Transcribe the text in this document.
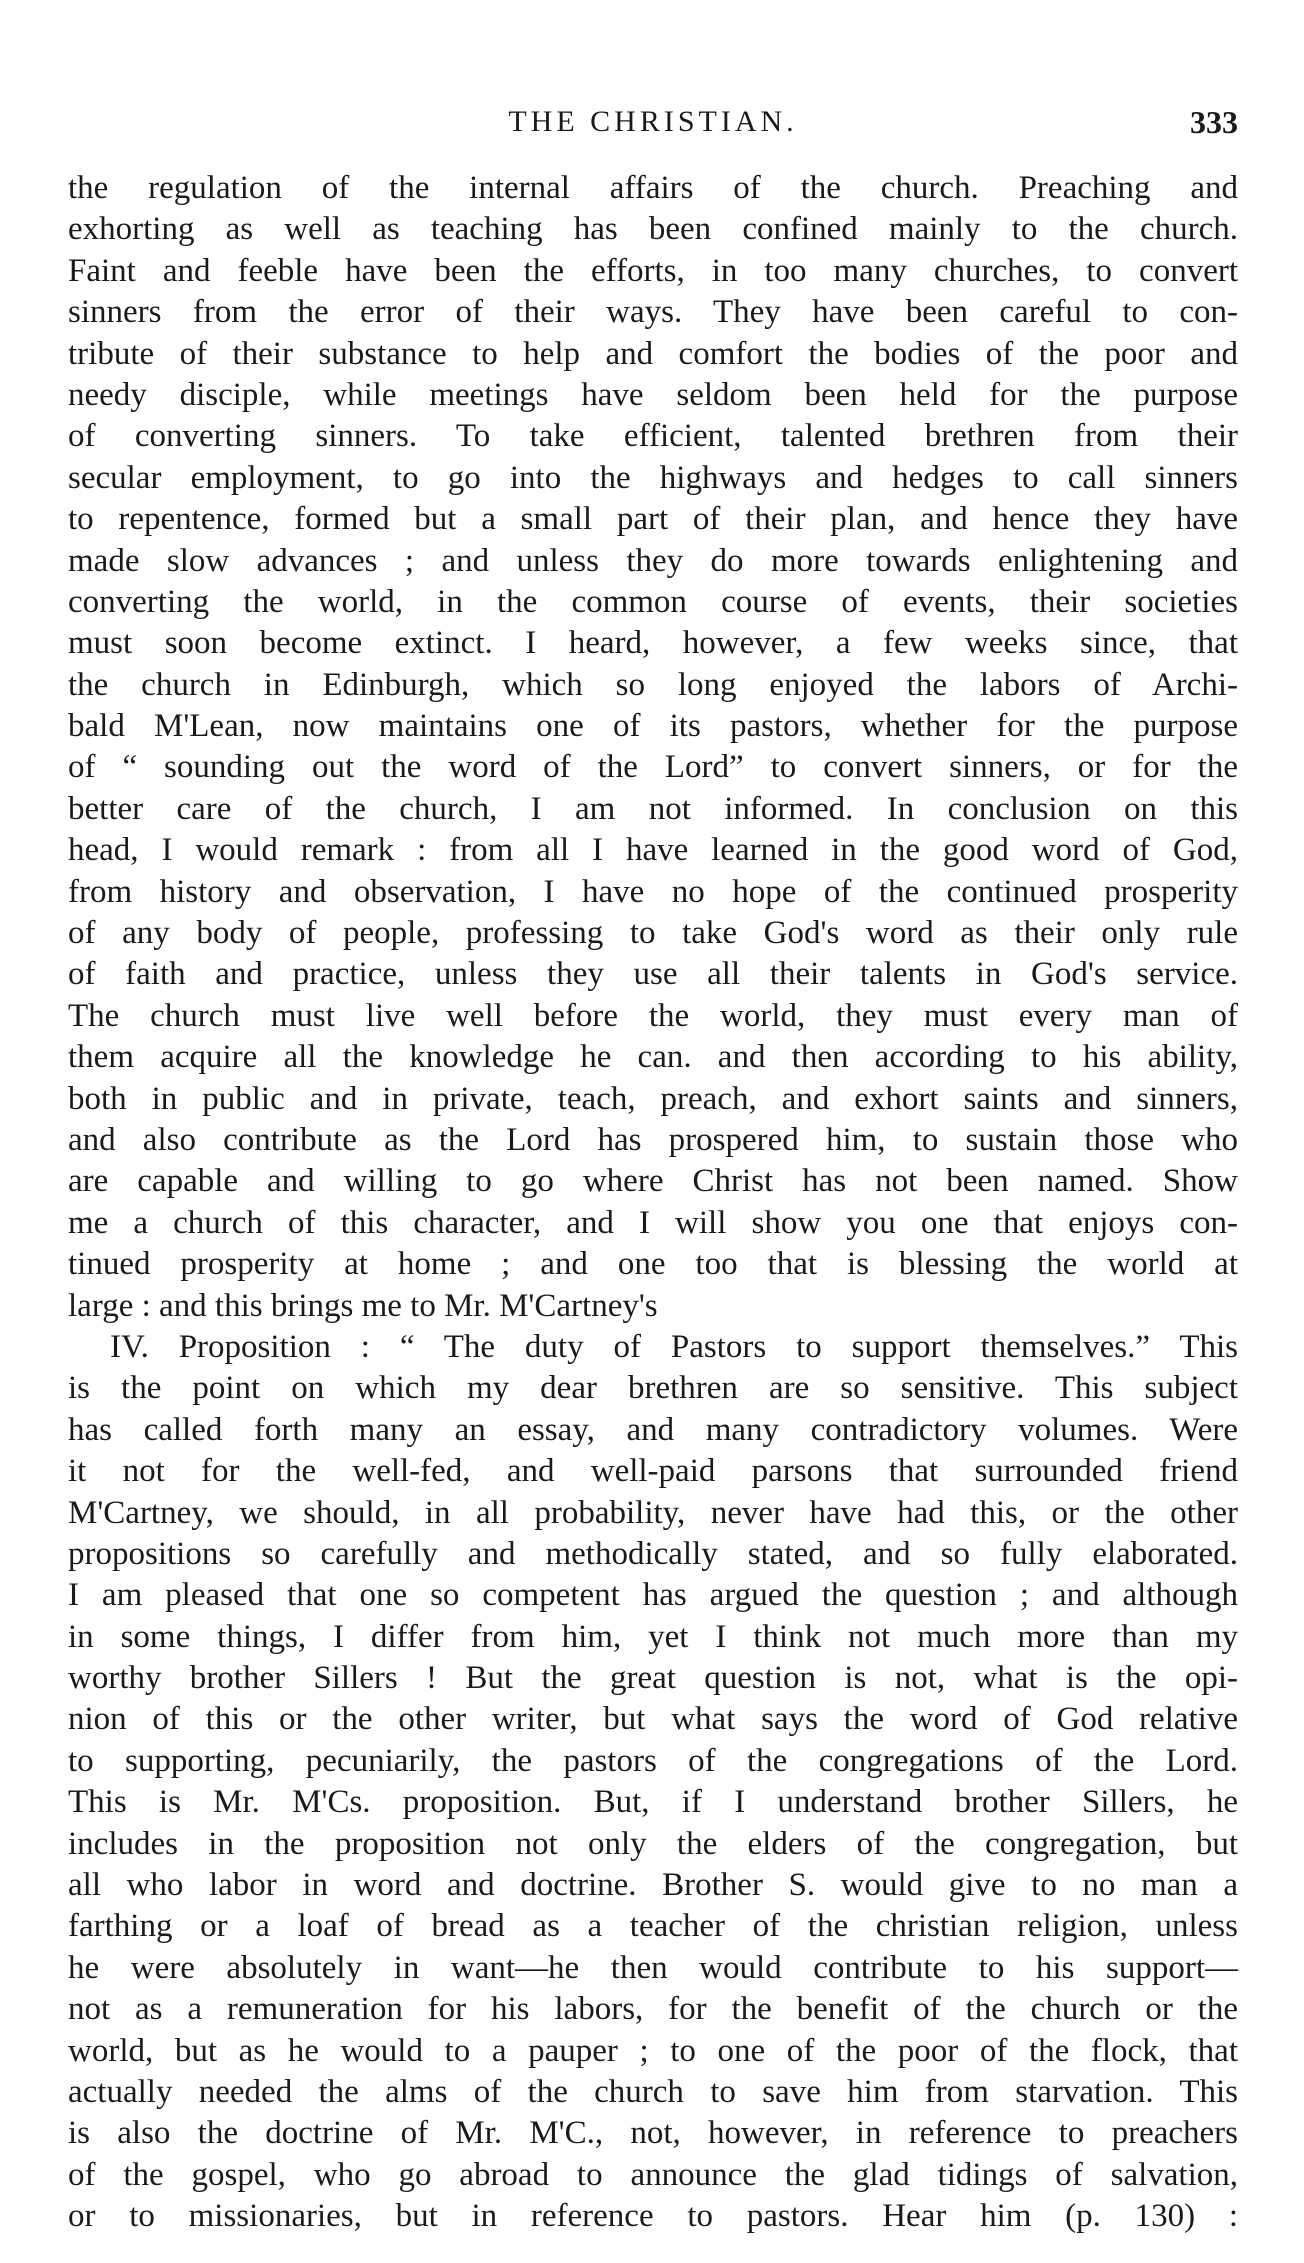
THE CHRISTIAN.	333
the regulation of the internal affairs of the church. Preaching and
exhorting as well as teaching has been confined mainly to the church.
Faint and feeble have been the efforts, in too many churches, to convert
sinners from the error of their ways. They have been careful to con-
tribute of their substance to help and comfort the bodies of the poor and
needy disciple, while meetings have seldom been held for the purpose
of converting sinners. To take efficient, talented brethren from their
secular employment, to go into the highways and hedges to call sinners
to repentence, formed but a small part of their plan, and hence they have
made slow advances ; and unless they do more towards enlightening and
converting the world, in the common course of events, their societies
must soon become extinct. I heard, however, a few weeks since, that
the church in Edinburgh, which so long enjoyed the labors of Archi-
bald M'Lean, now maintains one of its pastors, whether for the purpose
of “ sounding out the word of the Lord” to convert sinners, or for the
better care of the church, I am not informed. In conclusion on this
head, I would remark : from all I have learned in the good word of God,
from history and observation, I have no hope of the continued prosperity
of any body of people, professing to take God's word as their only rule
of faith and practice, unless they use all their talents in God's service.
The church must live well before the world, they must every man of
them acquire all the knowledge he can. and then according to his ability,
both in public and in private, teach, preach, and exhort saints and sinners,
and also contribute as the Lord has prospered him, to sustain those who
are capable and willing to go where Christ has not been named. Show
me a church of this character, and I will show you one that enjoys con-
tinued prosperity at home ; and one too that is blessing the world at
large : and this brings me to Mr. M'Cartney's
IV. Proposition : “ The duty of Pastors to support themselves.” This
is the point on which my dear brethren are so sensitive. This subject
has called forth many an essay, and many contradictory volumes. Were
it not for the well-fed, and well-paid parsons that surrounded friend
M'Cartney, we should, in all probability, never have had this, or the other
propositions so carefully and methodically stated, and so fully elaborated.
I am pleased that one so competent has argued the question ; and although
in some things, I differ from him, yet I think not much more than my
worthy brother Sillers ! But the great question is not, what is the opi-
nion of this or the other writer, but what says the word of God relative
to supporting, pecuniarily, the pastors of the congregations of the Lord.
This is Mr. M'Cs. proposition. But, if I understand brother Sillers, he
includes in the proposition not only the elders of the congregation, but
all who labor in word and doctrine. Brother S. would give to no man a
farthing or a loaf of bread as a teacher of the christian religion, unless
he were absolutely in want—he then would contribute to his support—
not as a remuneration for his labors, for the benefit of the church or the
world, but as he would to a pauper ; to one of the poor of the flock, that
actually needed the alms of the church to save him from starvation. This
is also the doctrine of Mr. M'C., not, however, in reference to preachers
of the gospel, who go abroad to announce the glad tidings of salvation,
or to missionaries, but in reference to pastors. Hear him (p. 130) :
